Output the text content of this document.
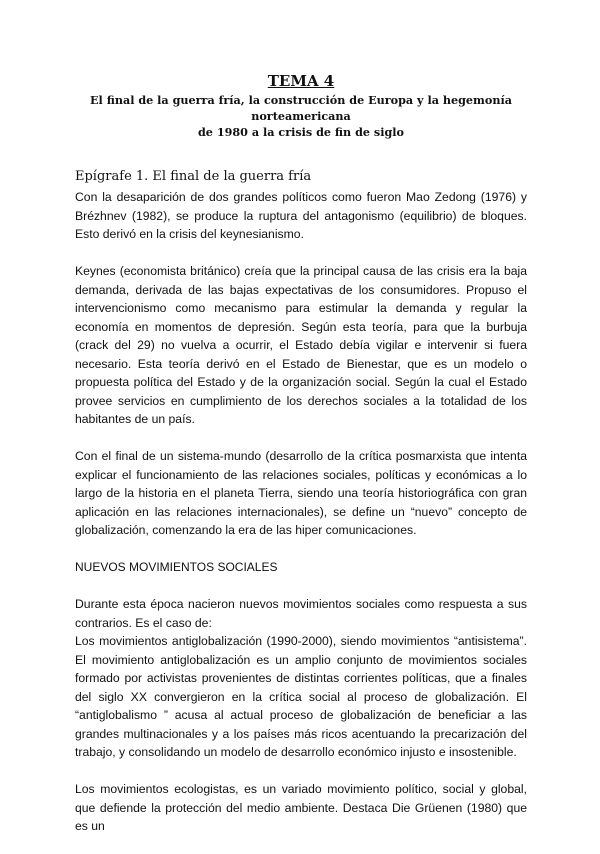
TEMA 4
El final de la guerra fría, la construcción de Europa y la hegemonía norteamericana
de 1980 a la crisis de fin de siglo
Epígrafe 1. El final de la guerra fría

Con la desaparición de dos grandes políticos como fueron Mao Zedong (1976) y Brézhnev (1982), se produce la ruptura del antagonismo (equilibrio) de bloques. Esto derivó en la crisis del keynesianismo.

Keynes (economista británico) creía que la principal causa de las crisis era la baja demanda, derivada de las bajas expectativas de los consumidores. Propuso el intervencionismo como mecanismo para estimular la demanda y regular la economía en momentos de depresión. Según esta teoría, para que la burbuja (crack del 29) no vuelva a ocurrir, el Estado debía vigilar e intervenir si fuera necesario. Esta teoría derivó en el Estado de Bienestar, que es un modelo o propuesta política del Estado y de la organización social. Según la cual el Estado provee servicios en cumplimiento de los derechos sociales a la totalidad de los habitantes de un país.

Con el final de un sistema-mundo (desarrollo de la crítica posmarxista que intenta explicar el funcionamiento de las relaciones sociales, políticas y económicas a lo largo de la historia en el planeta Tierra, siendo una teoría historiográfica con gran aplicación en las relaciones internacionales), se define un “nuevo” concepto de globalización, comenzando la era de las hiper comunicaciones.

NUEVOS MOVIMIENTOS SOCIALES

Durante esta época nacieron nuevos movimientos sociales como respuesta a sus contrarios. Es el caso de:
Los movimientos antiglobalización (1990-2000), siendo movimientos “antisistema”. El movimiento antiglobalización es un amplio conjunto de movimientos sociales formado por activistas provenientes de distintas corrientes políticas, que a finales del siglo XX convergieron en la crítica social al proceso de globalización. El “antiglobalismo ” acusa al actual proceso de globalización de beneficiar a las grandes multinacionales y a los países más ricos acentuando la precarización del trabajo, y consolidando un modelo de desarrollo económico injusto e insostenible.

Los movimientos ecologistas, es un variado movimiento político, social y global, que defiende la protección del medio ambiente. Destaca Die Grüenen (1980) que es un
